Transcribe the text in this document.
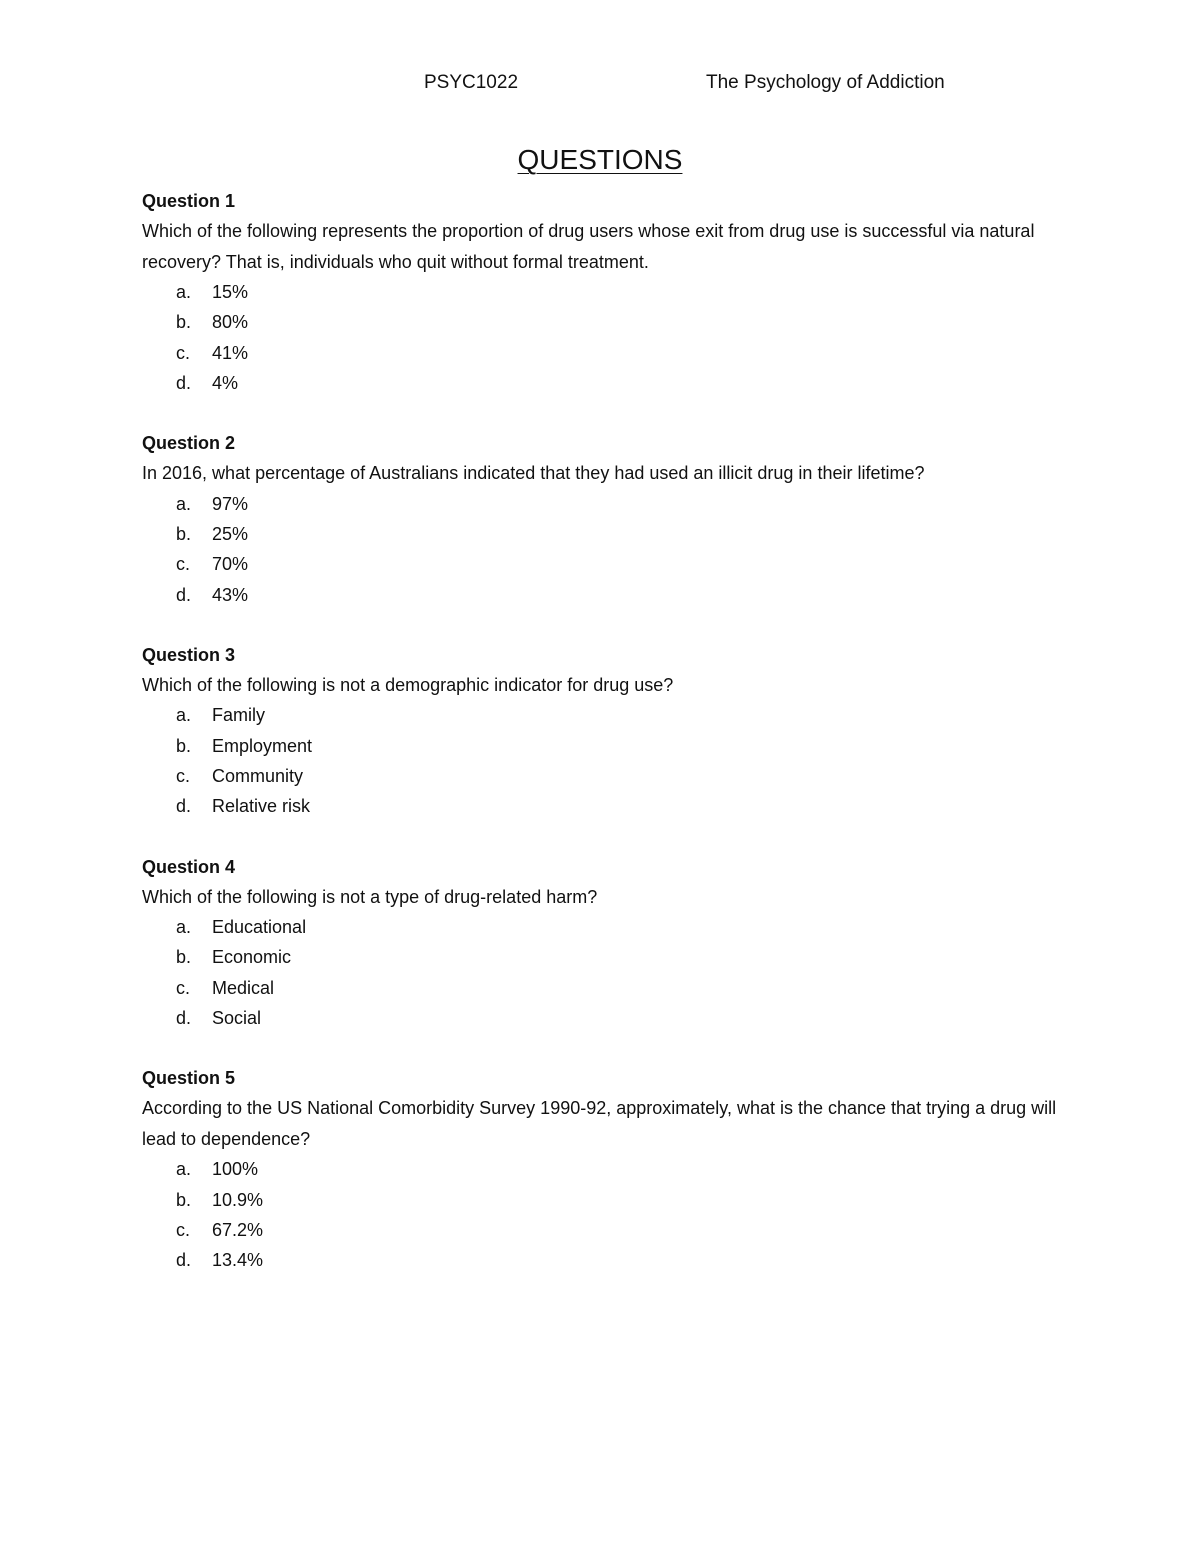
PSYC1022	The Psychology of Addiction
QUESTIONS
Question 1
Which of the following represents the proportion of drug users whose exit from drug use is successful via natural recovery? That is, individuals who quit without formal treatment.
a. 15%
b. 80%
c. 41%
d. 4%
Question 2
In 2016, what percentage of Australians indicated that they had used an illicit drug in their lifetime?
a. 97%
b. 25%
c. 70%
d. 43%
Question 3
Which of the following is not a demographic indicator for drug use?
a. Family
b. Employment
c. Community
d. Relative risk
Question 4
Which of the following is not a type of drug-related harm?
a. Educational
b. Economic
c. Medical
d. Social
Question 5
According to the US National Comorbidity Survey 1990-92, approximately, what is the chance that trying a drug will lead to dependence?
a. 100%
b. 10.9%
c. 67.2%
d. 13.4%
